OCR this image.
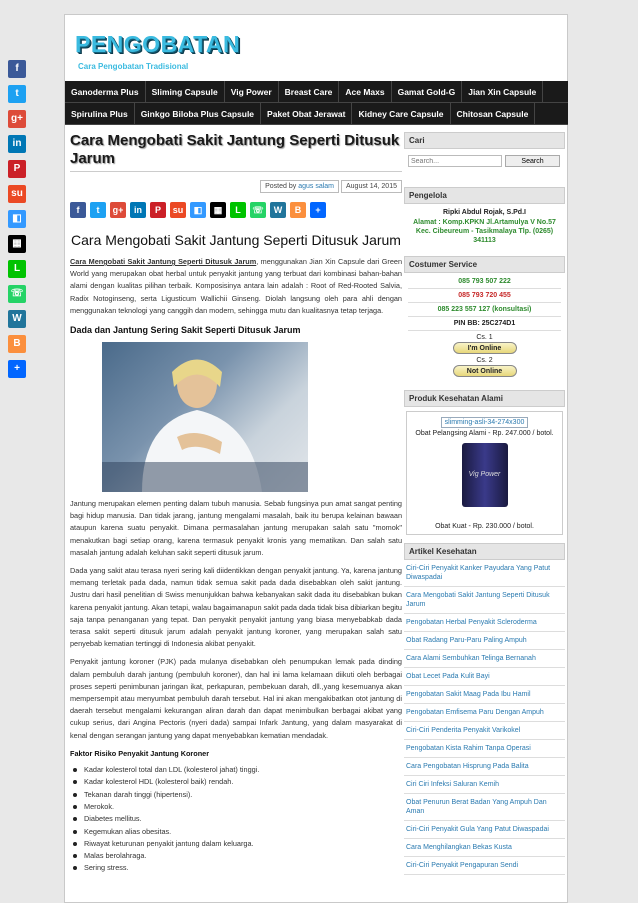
f
t
g+
in
P
su
◧
▦
L
☏
W
B
+
PENGOBATAN
Cara Pengobatan Tradisional
Ganoderma Plus	Sliming Capsule	Vig Power	Breast Care	Ace Maxs	Gamat Gold-G	Jian Xin Capsule
Spirulina Plus	Ginkgo Biloba Plus Capsule	Paket Obat Jerawat	Kidney Care Capsule	Chitosan Capsule
Cara Mengobati Sakit Jantung Seperti Ditusuk Jarum
Posted by agus salam	August 14, 2015
f	t	g+	in	P	su	◧	▦	L	☏	W	B	+
Cara Mengobati Sakit Jantung Seperti Ditusuk Jarum
Cara Mengobati Sakit Jantung Seperti Ditusuk Jarum, menggunakan Jian Xin Capsule dari Green World yang merupakan obat herbal untuk penyakit jantung yang terbuat dari kombinasi bahan-bahan alami dengan kualitas pilihan terbaik. Komposisinya antara lain adalah : Root of Red-Rooted Salvia, Radix Notoginseng, serta Ligusticum Wallichii Ginseng. Diolah langsung oleh para ahli dengan menggunakan teknologi yang canggih dan modern, sehingga mutu dan kualitasnya tetap terjaga.
Dada dan Jantung Sering Sakit Seperti Ditusuk Jarum
Jantung merupakan elemen penting dalam tubuh manusia. Sebab fungsinya pun amat sangat penting bagi hidup manusia. Dan tidak jarang, jantung mengalami masalah, baik itu berupa kelainan bawaan ataupun karena suatu penyakit. Dimana permasalahan jantung merupakan salah satu "momok" menakutkan bagi setiap orang, karena termasuk penyakit kronis yang mematikan. Dan salah satu masalah jantung adalah keluhan sakit seperti ditusuk jarum.
Dada yang sakit atau terasa nyeri sering kali diidentikkan dengan penyakit jantung. Ya, karena jantung memang terletak pada dada, namun tidak semua sakit pada dada disebabkan oleh sakit jantung. Justru dari hasil penelitian di Swiss menunjukkan bahwa kebanyakan sakit dada itu disebabkan bukan karena penyakit jantung. Akan tetapi, walau bagaimanapun sakit pada dada tidak bisa dibiarkan begitu saja tanpa penanganan yang tepat. Dan penyakit penyakit jantung yang biasa menyebabkab dada terasa sakit seperti ditusuk jarum adalah penyakit jantung koroner, yang merupakan salah satu penyebab kematian tertinggi di Indonesia akibat penyakit.
Penyakit jantung koroner (PJK) pada mulanya disebabkan oleh penumpukan lemak pada dinding dalam pembuluh darah jantung (pembuluh koroner), dan hal ini lama kelamaan diikuti oleh berbagai proses seperti penimbunan jaringan ikat, perkapuran, pembekuan darah, dll.,yang kesemuanya akan mempersempit atau menyumbat pembuluh darah tersebut. Hal ini akan mengakibatkan otot jantung di daerah tersebut mengalami kekurangan aliran darah dan dapat menimbulkan berbagai akibat yang cukup serius, dari Angina Pectoris (nyeri dada) sampai Infark Jantung, yang dalam masyarakat di kenal dengan serangan jantung yang dapat menyebabkan kematian mendadak.
Faktor Risiko Penyakit Jantung Koroner
Kadar kolesterol total dan LDL (kolesterol jahat) tinggi.
Kadar kolesterol HDL (kolesterol baik) rendah.
Tekanan darah tinggi (hipertensi).
Merokok.
Diabetes mellitus.
Kegemukan alias obesitas.
Riwayat keturunan penyakit jantung dalam keluarga.
Malas berolahraga.
Sering stress.
Cari
Search...
Search
Pengelola
Ripki Abdul Rojak, S.Pd.I
Alamat : Komp.KPKN Jl.Artamulya V No.57 Kec. Cibeureum - Tasikmalaya Tlp. (0265) 341113
Costumer Service
085 793 507 222
085 793 720 455
085 223 557 127 (konsultasi)
PIN BB: 25C274D1
Cs. 1
I'm Online
Cs. 2
Not Online
Produk Kesehatan Alami
slimming-asli-34-274x300
Obat Pelangsing Alami - Rp. 247.000 / botol.
Vig Power
Obat Kuat - Rp. 230.000 / botol.
Artikel Kesehatan
Ciri-Ciri Penyakit Kanker Payudara Yang Patut Diwaspadai
Cara Mengobati Sakit Jantung Seperti Ditusuk Jarum
Pengobatan Herbal Penyakit Scleroderma
Obat Radang Paru-Paru Paling Ampuh
Cara Alami Sembuhkan Telinga Bernanah
Obat Lecet Pada Kulit Bayi
Pengobatan Sakit Maag Pada Ibu Hamil
Pengobatan Emfisema Paru Dengan Ampuh
Ciri-Ciri Penderita Penyakit Varikokel
Pengobatan Kista Rahim Tanpa Operasi
Cara Pengobatan Hisprung Pada Balita
Ciri Ciri Infeksi Saluran Kemih
Obat Penurun Berat Badan Yang Ampuh Dan Aman
Ciri-Ciri Penyakit Gula Yang Patut Diwaspadai
Cara Menghilangkan Bekas Kusta
Ciri-Ciri Penyakit Pengapuran Sendi
